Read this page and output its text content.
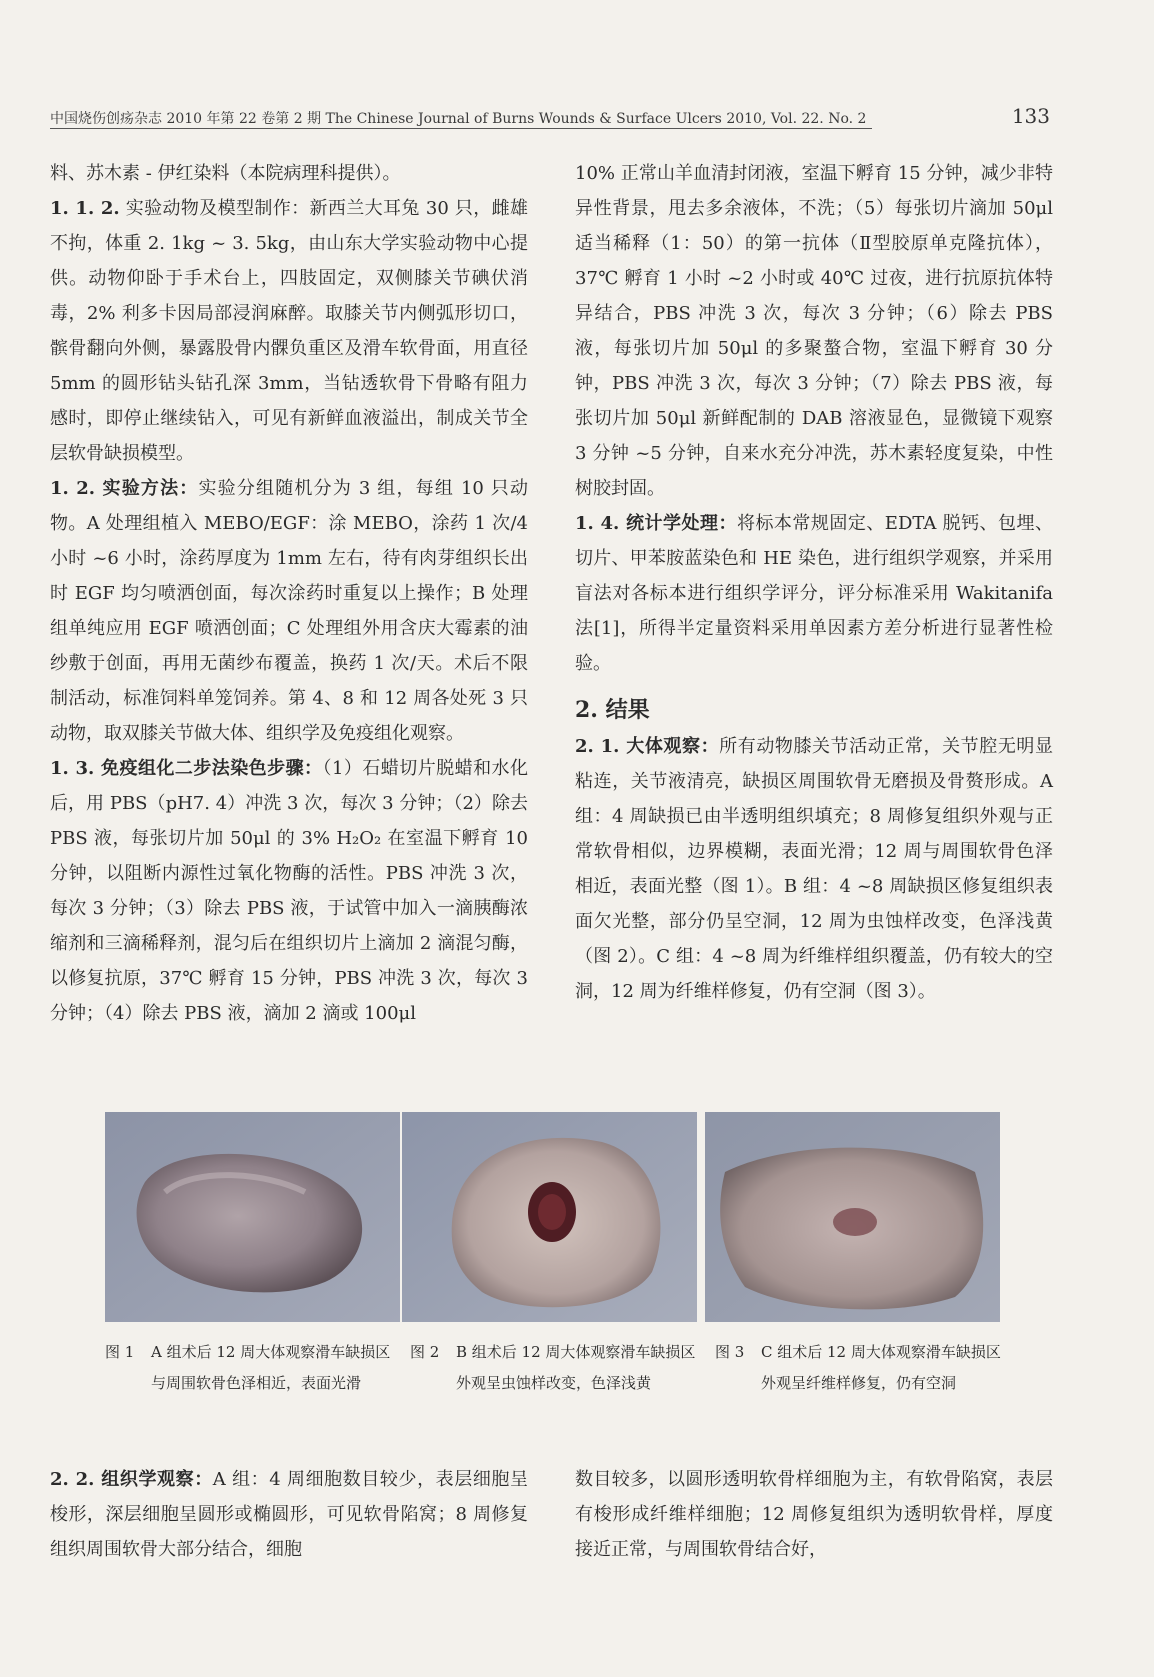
中国烧伤创疡杂志 2010 年第 22 卷第 2 期 The Chinese Journal of Burns Wounds & Surface Ulcers 2010, Vol. 22. No. 2	133

料、苏木素 - 伊红染料（本院病理科提供）。

1. 1. 2. 实验动物及模型制作：新西兰大耳兔 30 只，雌雄不拘，体重 2. 1kg ~ 3. 5kg，由山东大学实验动物中心提供。动物仰卧于手术台上，四肢固定，双侧膝关节碘伏消毒，2% 利多卡因局部浸润麻醉。取膝关节内侧弧形切口，髌骨翻向外侧，暴露股骨内髁负重区及滑车软骨面，用直径 5mm 的圆形钻头钻孔深 3mm，当钻透软骨下骨略有阻力感时，即停止继续钻入，可见有新鲜血液溢出，制成关节全层软骨缺损模型。

1. 2. 实验方法：实验分组随机分为 3 组，每组 10 只动物。A 处理组植入 MEBO/EGF：涂 MEBO，涂药 1 次/4 小时 ~6 小时，涂药厚度为 1mm 左右，待有肉芽组织长出时 EGF 均匀喷洒创面，每次涂药时重复以上操作；B 处理组单纯应用 EGF 喷洒创面；C 处理组外用含庆大霉素的油纱敷于创面，再用无菌纱布覆盖，换药 1 次/天。术后不限制活动，标准饲料单笼饲养。第 4、8 和 12 周各处死 3 只动物，取双膝关节做大体、组织学及免疫组化观察。

1. 3. 免疫组化二步法染色步骤：（1）石蜡切片脱蜡和水化后，用 PBS（pH7. 4）冲洗 3 次，每次 3 分钟；（2）除去 PBS 液，每张切片加 50μl 的 3% H₂O₂ 在室温下孵育 10 分钟，以阻断内源性过氧化物酶的活性。PBS 冲洗 3 次，每次 3 分钟；（3）除去 PBS 液，于试管中加入一滴胰酶浓缩剂和三滴稀释剂，混匀后在组织切片上滴加 2 滴混匀酶，以修复抗原，37℃ 孵育 15 分钟，PBS 冲洗 3 次，每次 3 分钟；（4）除去 PBS 液，滴加 2 滴或 100μl

10% 正常山羊血清封闭液，室温下孵育 15 分钟，减少非特异性背景，甩去多余液体，不洗；（5）每张切片滴加 50μl 适当稀释（1：50）的第一抗体（Ⅱ型胶原单克隆抗体），37℃ 孵育 1 小时 ~2 小时或 40℃ 过夜，进行抗原抗体特异结合，PBS 冲洗 3 次，每次 3 分钟；（6）除去 PBS 液，每张切片加 50μl 的多聚螯合物，室温下孵育 30 分钟，PBS 冲洗 3 次，每次 3 分钟；（7）除去 PBS 液，每张切片加 50μl 新鲜配制的 DAB 溶液显色，显微镜下观察 3 分钟 ~5 分钟，自来水充分冲洗，苏木素轻度复染，中性树胶封固。

1. 4. 统计学处理：将标本常规固定、EDTA 脱钙、包埋、切片、甲苯胺蓝染色和 HE 染色，进行组织学观察，并采用盲法对各标本进行组织学评分，评分标准采用 Wakitanifa 法[1]，所得半定量资料采用单因素方差分析进行显著性检验。

2. 结果

2. 1. 大体观察：所有动物膝关节活动正常，关节腔无明显粘连，关节液清亮，缺损区周围软骨无磨损及骨赘形成。A 组：4 周缺损已由半透明组织填充；8 周修复组织外观与正常软骨相似，边界模糊，表面光滑；12 周与周围软骨色泽相近，表面光整（图 1）。B 组：4 ~8 周缺损区修复组织表面欠光整，部分仍呈空洞，12 周为虫蚀样改变，色泽浅黄（图 2）。C 组：4 ~8 周为纤维样组织覆盖，仍有较大的空洞，12 周为纤维样修复，仍有空洞（图 3）。

图 1	A 组术后 12 周大体观察滑车缺损区与周围软骨色泽相近，表面光滑
图 2	B 组术后 12 周大体观察滑车缺损区外观呈虫蚀样改变，色泽浅黄
图 3	C 组术后 12 周大体观察滑车缺损区外观呈纤维样修复，仍有空洞

2. 2. 组织学观察：A 组：4 周细胞数目较少，表层细胞呈梭形，深层细胞呈圆形或椭圆形，可见软骨陷窝；8 周修复组织周围软骨大部分结合，细胞

数目较多，以圆形透明软骨样细胞为主，有软骨陷窝，表层有梭形成纤维样细胞；12 周修复组织为透明软骨样，厚度接近正常，与周围软骨结合好，
